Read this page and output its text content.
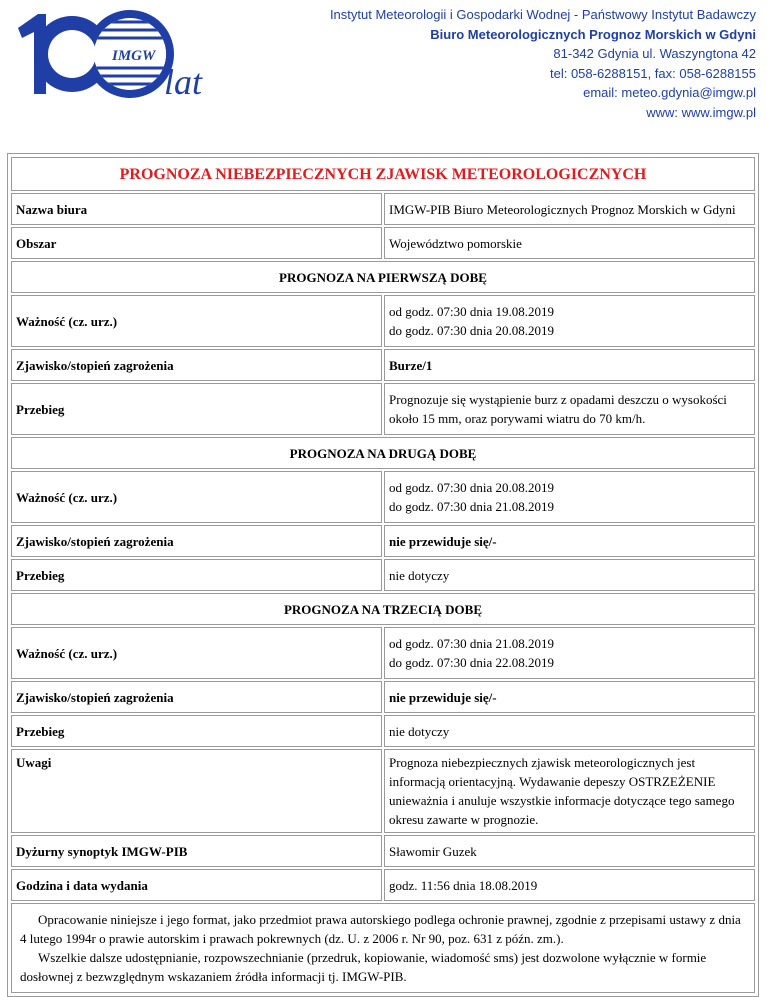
IMGW
lat
Instytut Meteorologii i Gospodarki Wodnej - Państwowy Instytut Badawczy
Biuro Meteorologicznych Prognoz Morskich w Gdyni
81-342 Gdynia ul. Waszyngtona 42
tel: 058-6288151, fax: 058-6288155
email: meteo.gdynia@imgw.pl
www: www.imgw.pl
PROGNOZA NIEBEZPIECZNYCH ZJAWISK METEOROLOGICZNYCH	
Nazwa biura	IMGW-PIB Biuro Meteorologicznych Prognoz Morskich w Gdyni
Obszar	Województwo pomorskie
PROGNOZA NA PIERWSZĄ DOBĘ	
Ważność (cz. urz.)	od godz. 07:30 dnia 19.08.2019
do godz. 07:30 dnia 20.08.2019

Zjawisko/stopień zagrożenia	Burze/1
Przebieg	Prognozuje się wystąpienie burz z opadami deszczu o wysokości około 15 mm, oraz porywami wiatru do 70 km/h.
PROGNOZA NA DRUGĄ DOBĘ	
Ważność (cz. urz.)	od godz. 07:30 dnia 20.08.2019
do godz. 07:30 dnia 21.08.2019

Zjawisko/stopień zagrożenia	nie przewiduje się/-
Przebieg	nie dotyczy
PROGNOZA NA TRZECIĄ DOBĘ	
Ważność (cz. urz.)	od godz. 07:30 dnia 21.08.2019
do godz. 07:30 dnia 22.08.2019

Zjawisko/stopień zagrożenia	nie przewiduje się/-
Przebieg	nie dotyczy
Uwagi	Prognoza niebezpiecznych zjawisk meteorologicznych jest informacją orientacyjną. Wydawanie depeszy OSTRZEŻENIE unieważnia i anuluje wszystkie informacje dotyczące tego samego okresu zawarte w prognozie.
Dyżurny synoptyk IMGW-PIB	Sławomir Guzek
Godzina i data wydania	godz. 11:56 dnia 18.08.2019

Opracowanie niniejsze i jego format, jako przedmiot prawa autorskiego podlega ochronie prawnej, zgodnie z przepisami ustawy z dnia 4 lutego 1994r o prawie autorskim i prawach pokrewnych (dz. U. z 2006 r. Nr 90, poz. 631 z późn. zm.).

Wszelkie dalsze udostępnianie, rozpowszechnianie (przedruk, kopiowanie, wiadomość sms) jest dozwolone wyłącznie w formie dosłownej z bezwzględnym wskazaniem źródła informacji tj. IMGW-PIB.	
